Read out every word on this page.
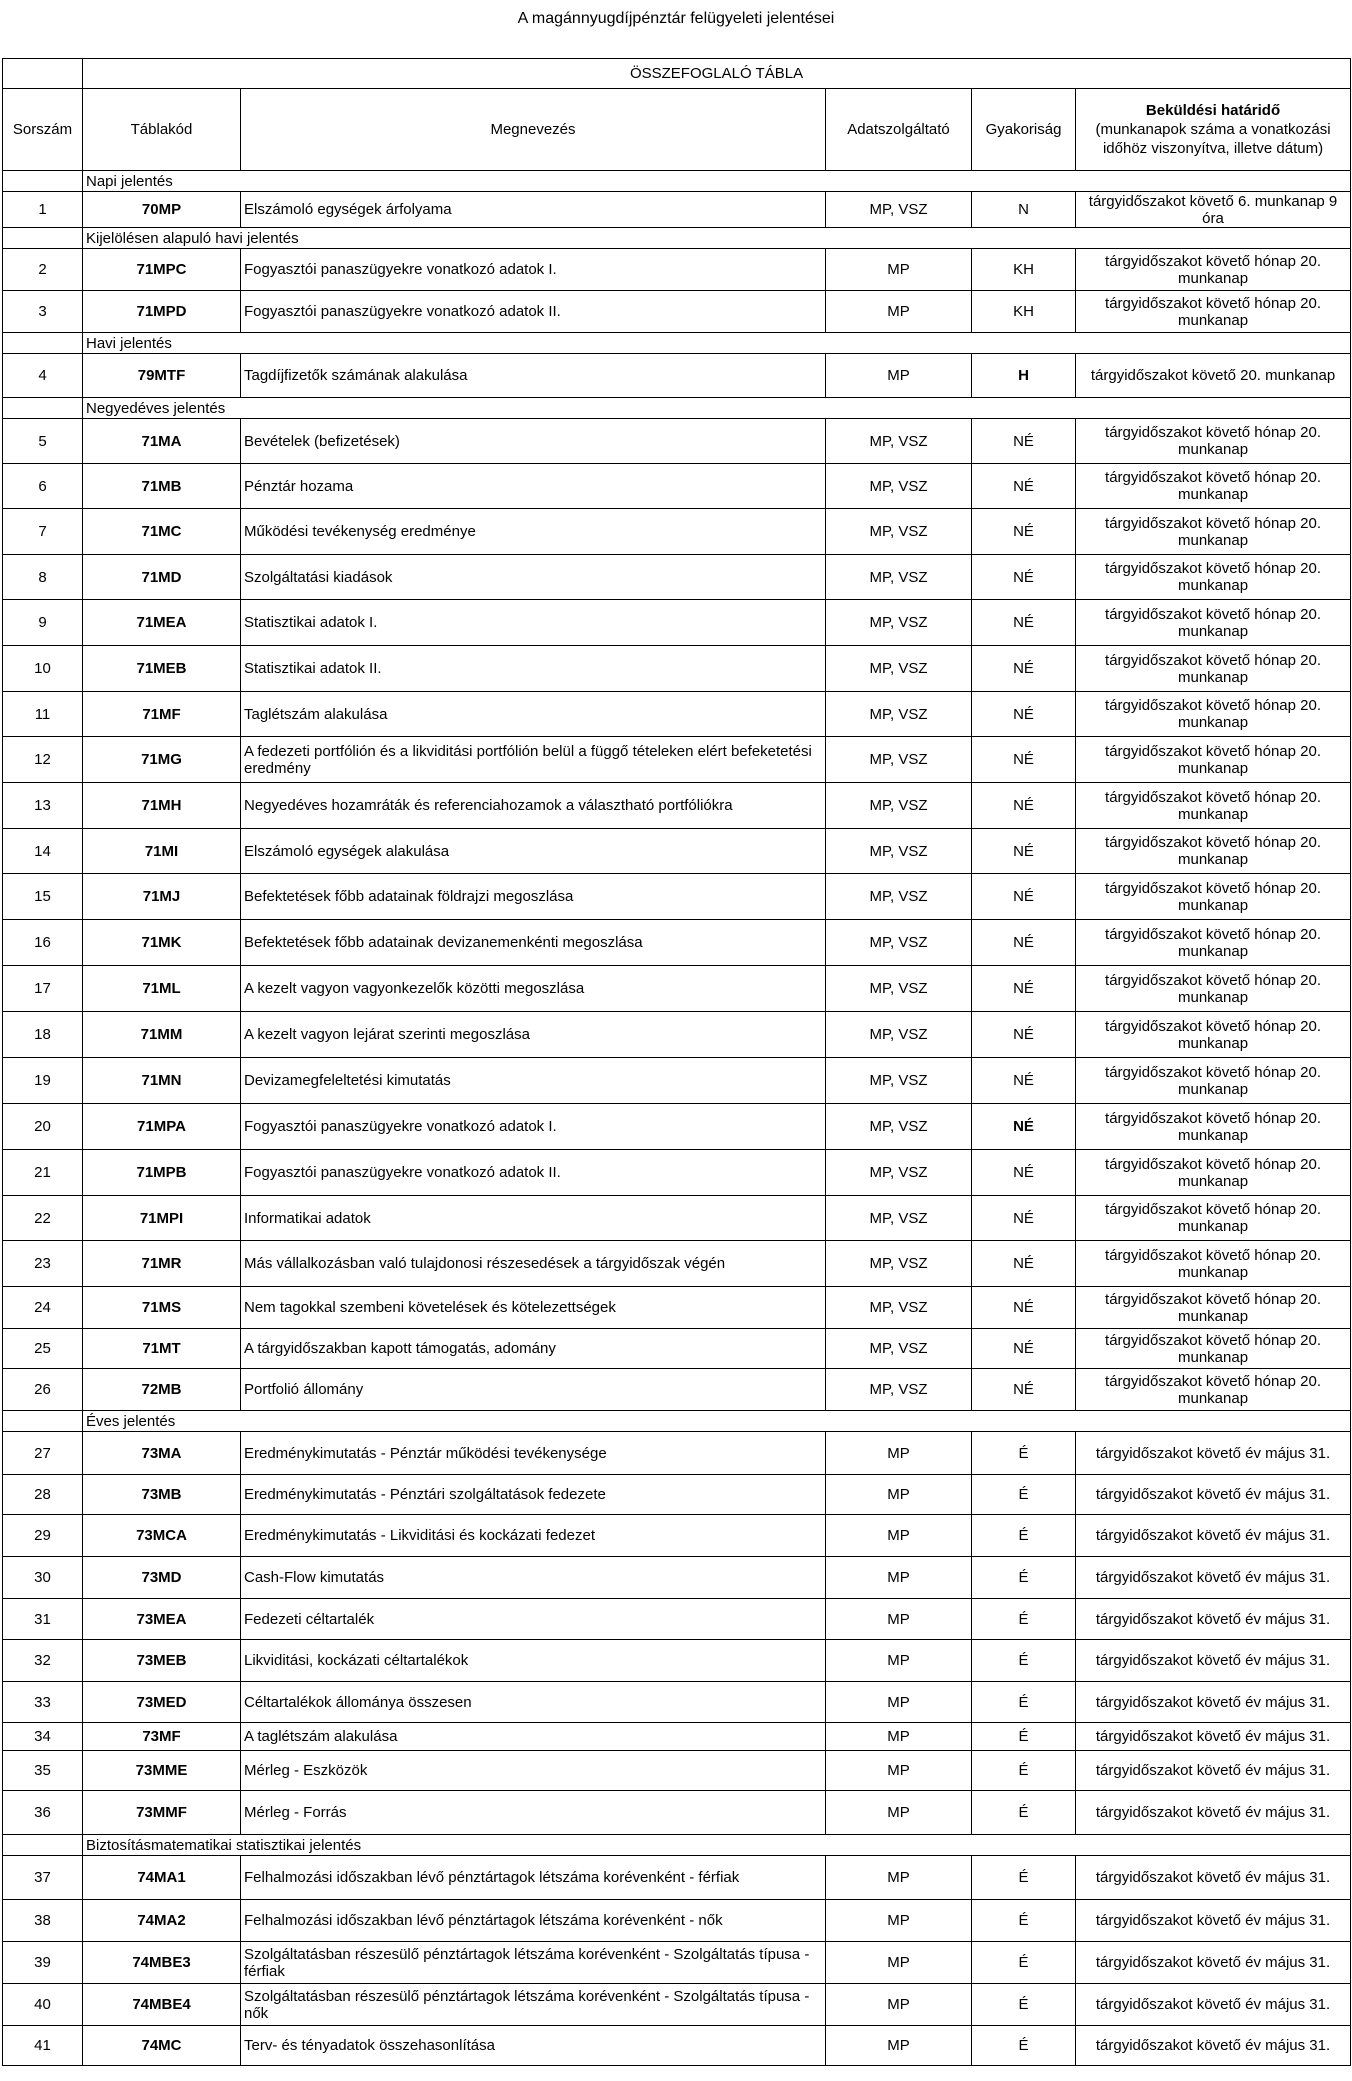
A magánnyugdíjpénztár felügyeleti jelentései
	ÖSSZEFOGLALÓ TÁBLA				
Sorszám	Táblakód	Megnevezés	Adatszolgáltató	Gyakoriság	Beküldési határidő
(munkanapok száma a vonatkozási időhöz viszonyítva, illetve dátum)

	Napi jelentés				
1	70MP	Elszámoló egységek árfolyama	MP, VSZ	N	tárgyidőszakot követő 6. munkanap 9 óra
	Kijelölésen alapuló havi jelentés				
2	71MPC	Fogyasztói panaszügyekre vonatkozó adatok I.	MP	KH	tárgyidőszakot követő hónap 20. munkanap
3	71MPD	Fogyasztói panaszügyekre vonatkozó adatok II.	MP	KH	tárgyidőszakot követő hónap 20. munkanap
	Havi jelentés				
4	79MTF	Tagdíjfizetők számának alakulása	MP	H	tárgyidőszakot követő 20. munkanap
	Negyedéves jelentés				
5	71MA	Bevételek (befizetések)	MP, VSZ	NÉ	tárgyidőszakot követő hónap 20. munkanap
6	71MB	Pénztár hozama	MP, VSZ	NÉ	tárgyidőszakot követő hónap 20. munkanap
7	71MC	Működési tevékenység eredménye	MP, VSZ	NÉ	tárgyidőszakot követő hónap 20. munkanap
8	71MD	Szolgáltatási kiadások	MP, VSZ	NÉ	tárgyidőszakot követő hónap 20. munkanap
9	71MEA	Statisztikai adatok I.	MP, VSZ	NÉ	tárgyidőszakot követő hónap 20. munkanap
10	71MEB	Statisztikai adatok II.	MP, VSZ	NÉ	tárgyidőszakot követő hónap 20. munkanap
11	71MF	Taglétszám alakulása	MP, VSZ	NÉ	tárgyidőszakot követő hónap 20. munkanap
12	71MG	A fedezeti portfólión és a likviditási portfólión belül a függő tételeken elért befeketetési eredmény	MP, VSZ	NÉ	tárgyidőszakot követő hónap 20. munkanap
13	71MH	Negyedéves hozamráták és referenciahozamok a választható portfóliókra	MP, VSZ	NÉ	tárgyidőszakot követő hónap 20. munkanap
14	71MI	Elszámoló egységek alakulása	MP, VSZ	NÉ	tárgyidőszakot követő hónap 20. munkanap
15	71MJ	Befektetések főbb adatainak földrajzi megoszlása	MP, VSZ	NÉ	tárgyidőszakot követő hónap 20. munkanap
16	71MK	Befektetések főbb adatainak devizanemenkénti megoszlása	MP, VSZ	NÉ	tárgyidőszakot követő hónap 20. munkanap
17	71ML	A kezelt vagyon vagyonkezelők közötti megoszlása	MP, VSZ	NÉ	tárgyidőszakot követő hónap 20. munkanap
18	71MM	A kezelt vagyon lejárat szerinti megoszlása	MP, VSZ	NÉ	tárgyidőszakot követő hónap 20. munkanap
19	71MN	Devizamegfeleltetési kimutatás	MP, VSZ	NÉ	tárgyidőszakot követő hónap 20. munkanap
20	71MPA	Fogyasztói panaszügyekre vonatkozó adatok I.	MP, VSZ	NÉ	tárgyidőszakot követő hónap 20. munkanap
21	71MPB	Fogyasztói panaszügyekre vonatkozó adatok II.	MP, VSZ	NÉ	tárgyidőszakot követő hónap 20. munkanap
22	71MPI	Informatikai adatok	MP, VSZ	NÉ	tárgyidőszakot követő hónap 20. munkanap
23	71MR	Más vállalkozásban való tulajdonosi részesedések a tárgyidőszak végén	MP, VSZ	NÉ	tárgyidőszakot követő hónap 20. munkanap
24	71MS	Nem tagokkal szembeni követelések és kötelezettségek	MP, VSZ	NÉ	tárgyidőszakot követő hónap 20. munkanap
25	71MT	A tárgyidőszakban kapott támogatás, adomány	MP, VSZ	NÉ	tárgyidőszakot követő hónap 20. munkanap
26	72MB	Portfolió állomány	MP, VSZ	NÉ	tárgyidőszakot követő hónap 20. munkanap
	Éves jelentés				
27	73MA	Eredménykimutatás - Pénztár működési tevékenysége	MP	É	tárgyidőszakot követő év május 31.
28	73MB	Eredménykimutatás - Pénztári szolgáltatások fedezete	MP	É	tárgyidőszakot követő év május 31.
29	73MCA	Eredménykimutatás - Likviditási és kockázati fedezet	MP	É	tárgyidőszakot követő év május 31.
30	73MD	Cash-Flow kimutatás	MP	É	tárgyidőszakot követő év május 31.
31	73MEA	Fedezeti céltartalék	MP	É	tárgyidőszakot követő év május 31.
32	73MEB	Likviditási, kockázati céltartalékok	MP	É	tárgyidőszakot követő év május 31.
33	73MED	Céltartalékok állománya összesen	MP	É	tárgyidőszakot követő év május 31.
34	73MF	A taglétszám alakulása	MP	É	tárgyidőszakot követő év május 31.
35	73MME	Mérleg - Eszközök	MP	É	tárgyidőszakot követő év május 31.
36	73MMF	Mérleg - Forrás	MP	É	tárgyidőszakot követő év május 31.
	Biztosításmatematikai statisztikai jelentés				
37	74MA1	Felhalmozási időszakban lévő pénztártagok létszáma korévenként - férfiak	MP	É	tárgyidőszakot követő év május 31.
38	74MA2	Felhalmozási időszakban lévő pénztártagok létszáma korévenként - nők	MP	É	tárgyidőszakot követő év május 31.
39	74MBE3	Szolgáltatásban részesülő pénztártagok létszáma korévenként - Szolgáltatás típusa - férfiak	MP	É	tárgyidőszakot követő év május 31.
40	74MBE4	Szolgáltatásban részesülő pénztártagok létszáma korévenként - Szolgáltatás típusa - nők	MP	É	tárgyidőszakot követő év május 31.
41	74MC	Terv- és tényadatok összehasonlítása	MP	É	tárgyidőszakot követő év május 31.
